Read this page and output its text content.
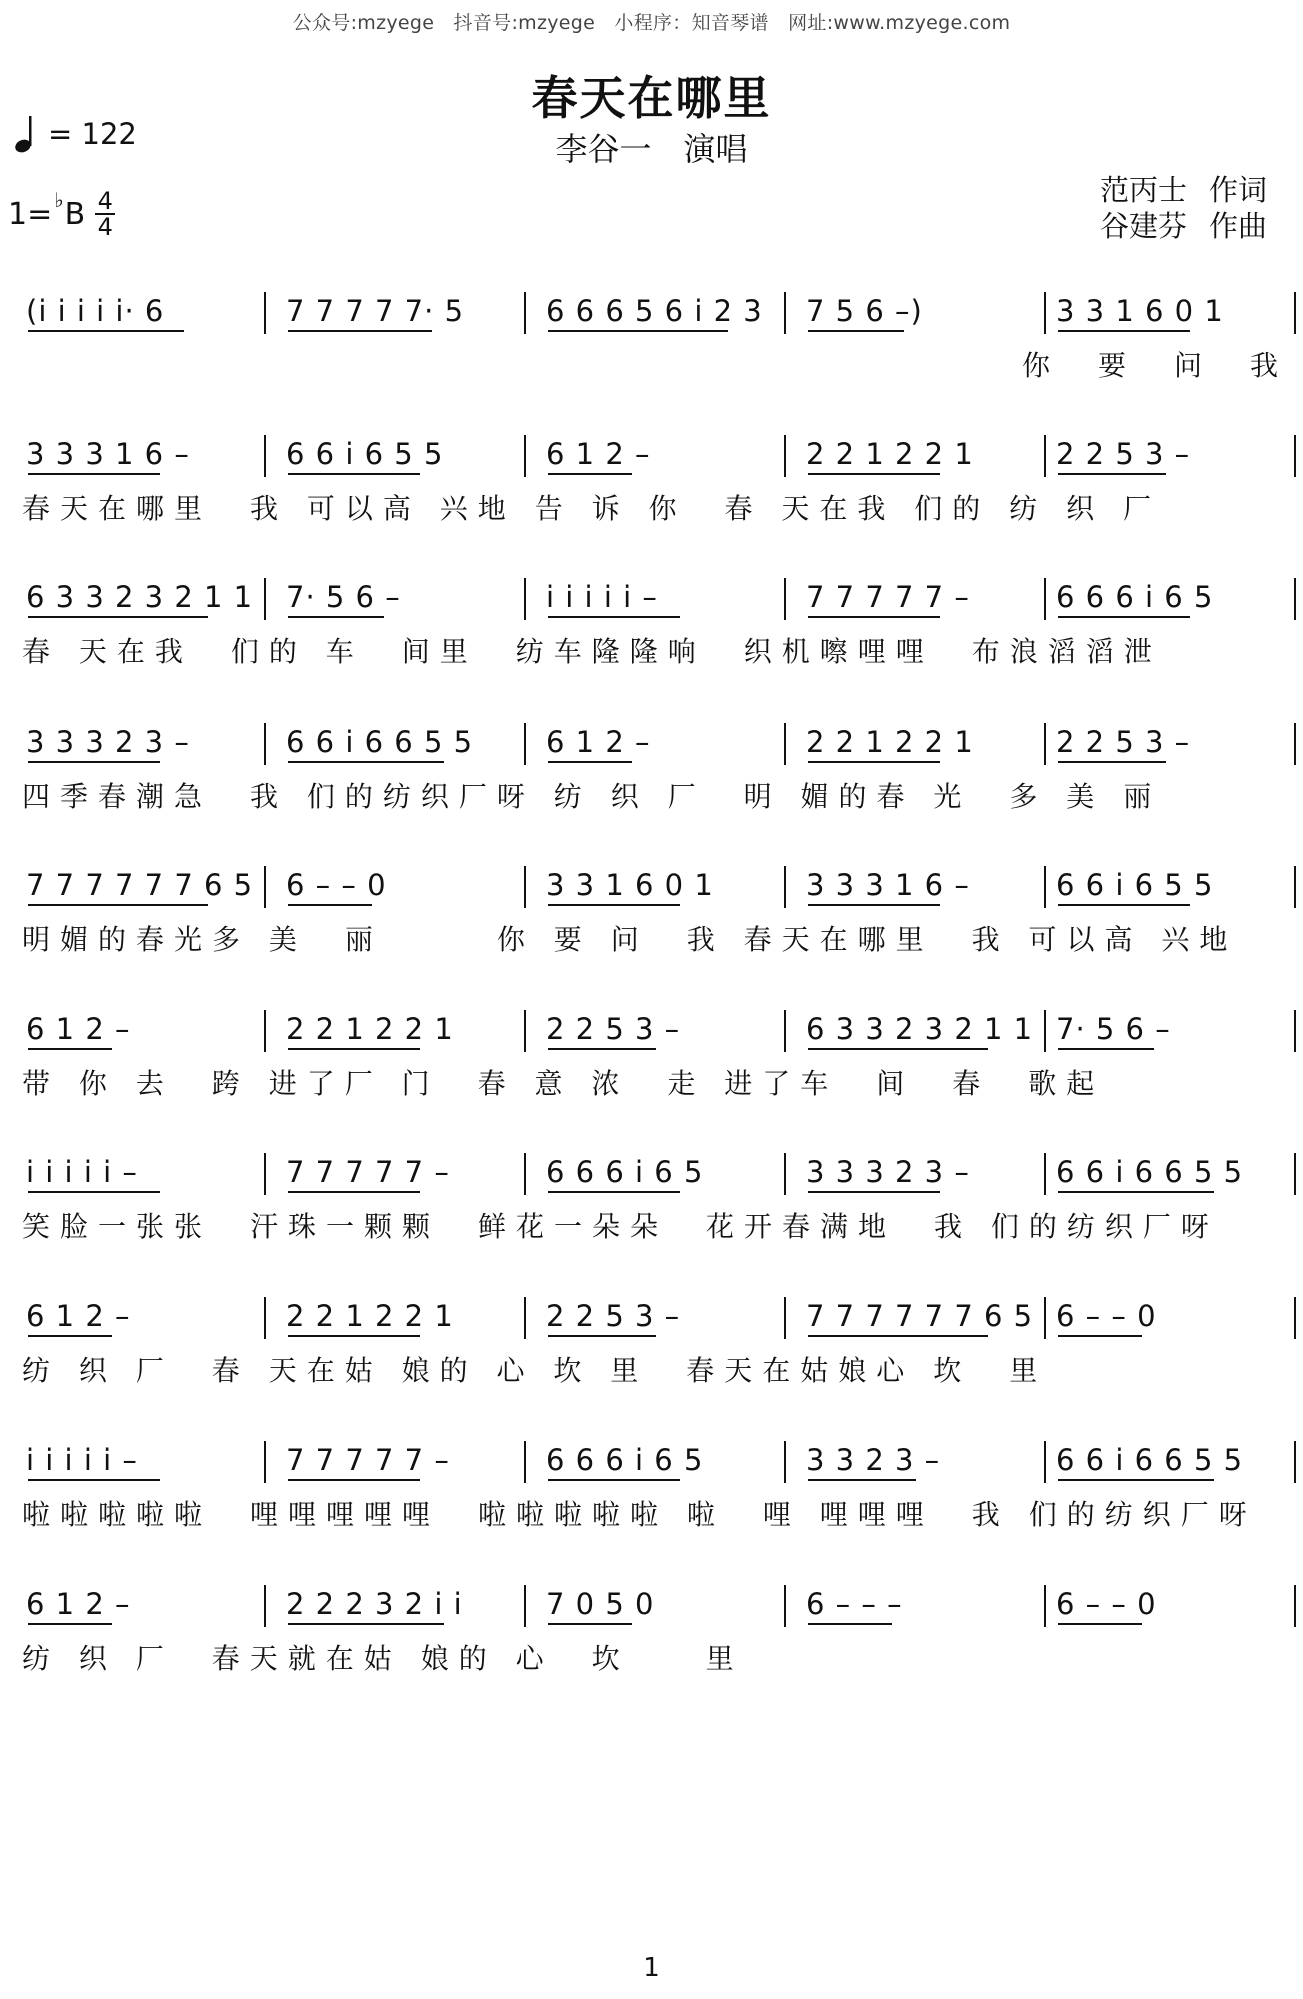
公众号:mzyege　抖音号:mzyege　小程序：知音琴谱　网址:www.mzyege.com
春天在哪里
李谷一　演唱
= 122
1= ♭ B 4
4
范丙士 作词
谷建芬 作曲
(i i i i i· 6	7 7 7 7 7· 5	6 6 6 5 6 i 2 3 7 5 6 –)	3 3 1 6 0 1
你　要　问　我
3 3 3 1 6 –	6 6 i 6 5 5	6 1 2 –	2 2 1 2 2 1	2 2 5 3 –
春天在哪里　我 可以高 兴地 告 诉 你　春 天在我 们的 纺 织 厂
6 3 3 2 3 2 1 1 7· 5 6 –	i i i i i –	7 7 7 7 7 –	6 6 6 i 6 5
春 天在我　们的 车　间里　纺车隆隆响　织机嚓哩哩　布浪滔滔泄
3 3 3 2 3 –	6 6 i 6 6 5 5	6 1 2 –	2 2 1 2 2 1	2 2 5 3 –
四季春潮急　我 们的纺织厂呀 纺 织 厂　明 媚的春 光　多 美 丽
7 7 7 7 7 7 6 5 6 – – 0	3 3 1 6 0 1	3 3 3 1 6 –	6 6 i 6 5 5
明媚的春光多 美　丽　　　你 要 问　我 春天在哪里　我 可以高 兴地
6 1 2 –	2 2 1 2 2 1	2 2 5 3 –	6 3 3 2 3 2 1 1 7· 5 6 –
带 你 去　跨 进了厂 门　春 意 浓　走 进了车　间　春　歌起
i i i i i –	7 7 7 7 7 –	6 6 6 i 6 5	3 3 3 2 3 –	6 6 i 6 6 5 5
笑脸一张张　汗珠一颗颗　鲜花一朵朵　花开春满地　我 们的纺织厂呀
6 1 2 –	2 2 1 2 2 1	2 2 5 3 –	7 7 7 7 7 7 6 5 6 – – 0
纺 织 厂　春 天在姑 娘的 心 坎 里　春天在姑娘心 坎　里
i i i i i –	7 7 7 7 7 –	6 6 6 i 6 5	3 3 2 3 –	6 6 i 6 6 5 5
啦啦啦啦啦　哩哩哩哩哩　啦啦啦啦啦 啦　哩 哩哩哩　我 们的纺织厂呀
6 1 2 –	2 2 2 3 2 i i	7 0 5 0	6 – – –	6 – – 0
纺 织 厂　春天就在姑 娘的 心　坎　　里
1
